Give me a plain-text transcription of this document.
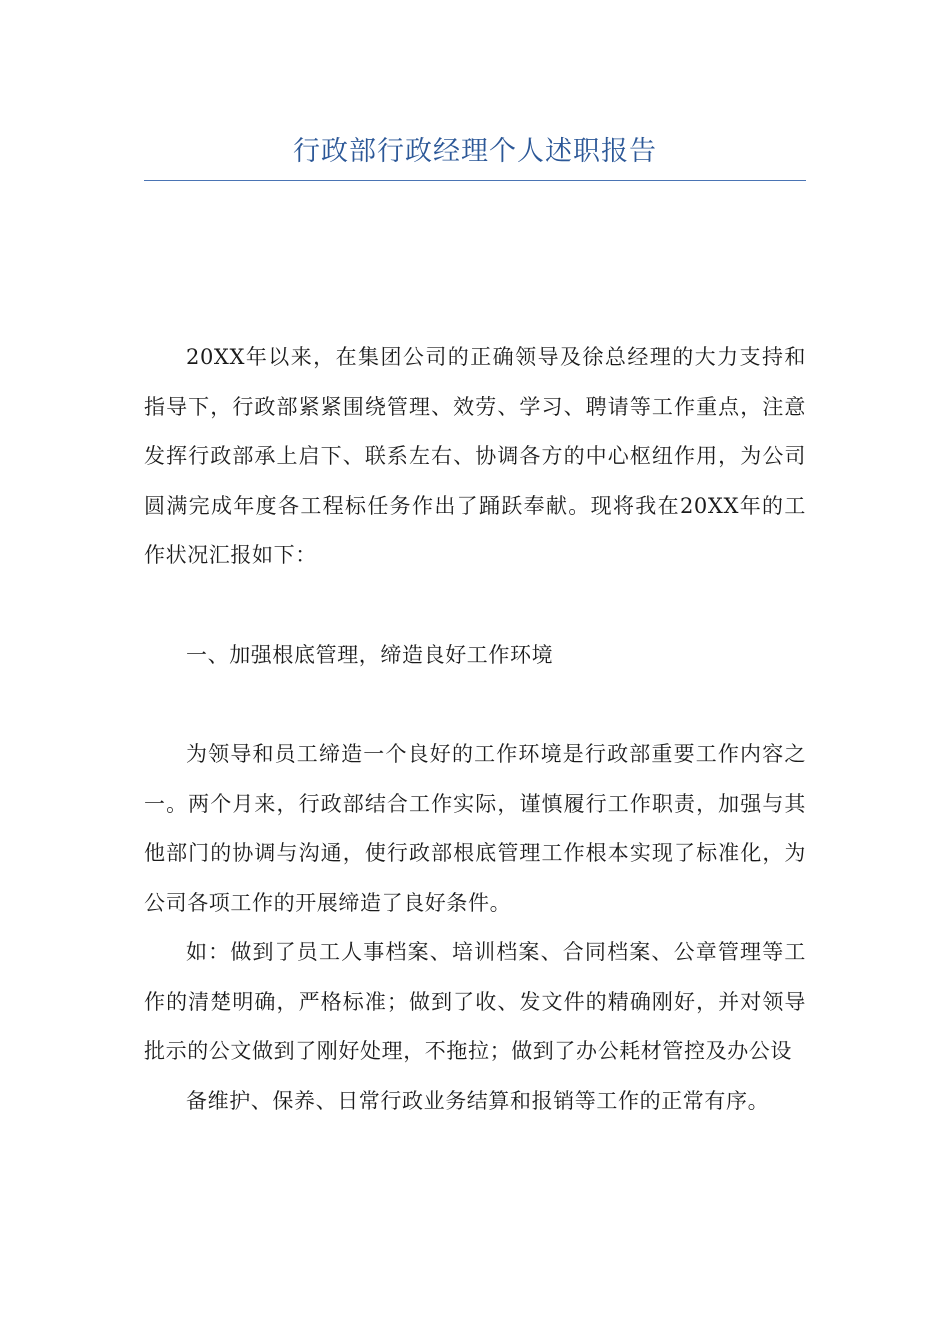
行政部行政经理个人述职报告

20XX年以来，在集团公司的正确领导及徐总经理的大力支持和指导下，行政部紧紧围绕管理、效劳、学习、聘请等工作重点，注意发挥行政部承上启下、联系左右、协调各方的中心枢纽作用，为公司圆满完成年度各工程标任务作出了踊跃奉献。现将我在20XX年的工作状况汇报如下：

一、加强根底管理，缔造良好工作环境

为领导和员工缔造一个良好的工作环境是行政部重要工作内容之一。两个月来，行政部结合工作实际，谨慎履行工作职责，加强与其他部门的协调与沟通，使行政部根底管理工作根本实现了标准化，为公司各项工作的开展缔造了良好条件。

如：做到了员工人事档案、培训档案、合同档案、公章管理等工作的清楚明确，严格标准；做到了收、发文件的精确刚好，并对领导批示的公文做到了刚好处理，不拖拉；做到了办公耗材管控及办公设

备维护、保养、日常行政业务结算和报销等工作的正常有序。
